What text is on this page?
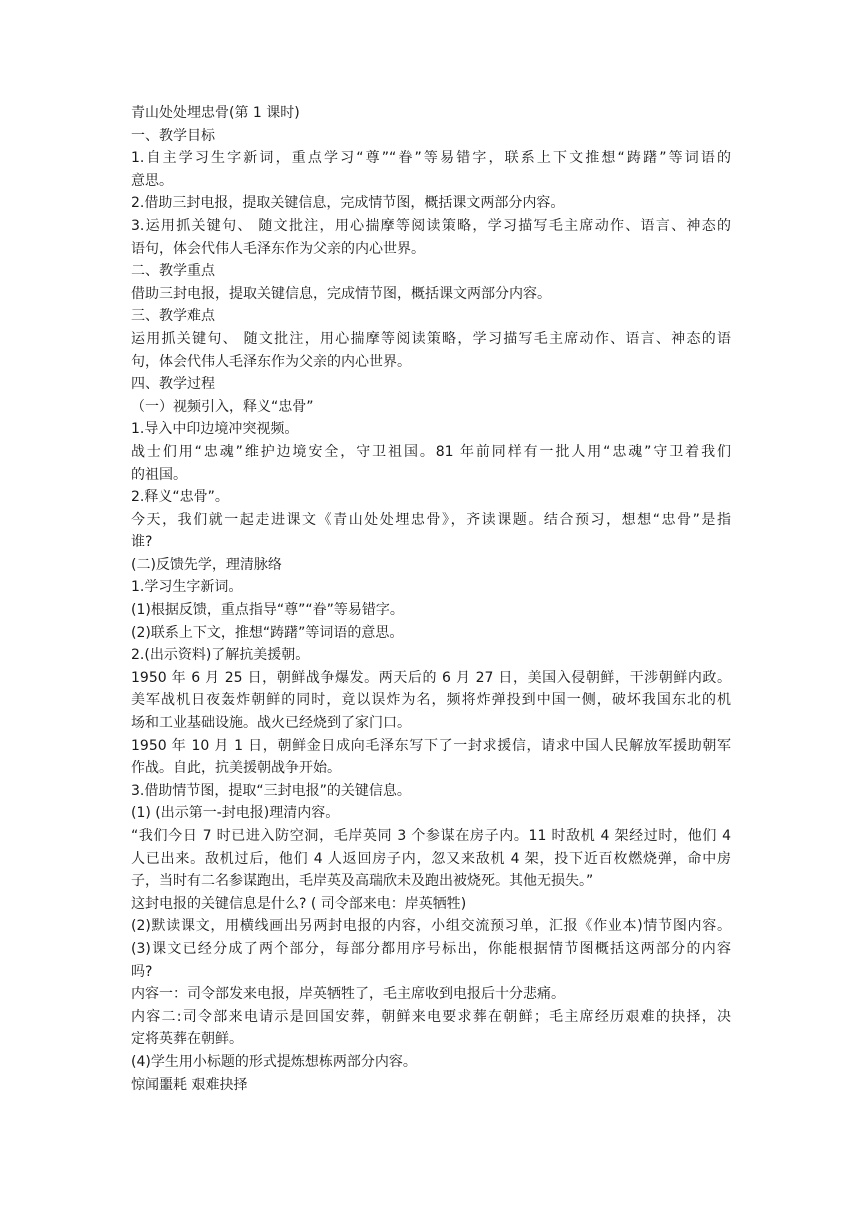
青山处处埋忠骨(第 1 课时)
一、教学目标
1.自主学习生字新词，重点学习“尊”“眷”等易错字，联系上下文推想“踌躇”等词语的
意思。
2.借助三封电报，提取关键信息，完成情节图，概括课文两部分内容。
3.运用抓关键句、 随文批注，用心揣摩等阅读策略，学习描写毛主席动作、语言、神态的
语句，体会代伟人毛泽东作为父亲的内心世界。
二、教学重点
借助三封电报，提取关键信息，完成情节图，概括课文两部分内容。
三、教学难点
运用抓关键句、 随文批注，用心揣摩等阅读策略，学习描写毛主席动作、语言、神态的语
句，体会代伟人毛泽东作为父亲的内心世界。
四、教学过程
（一）视频引入，释义“忠骨”
1.导入中印边境冲突视频。
战士们用“忠魂”维护边境安全，守卫祖国。81 年前同样有一批人用“忠魂”守卫着我们
的祖国。
2.释义“忠骨”。
今天，我们就一起走进课文《青山处处埋忠骨》，齐读课题。结合预习，想想“忠骨”是指
谁?
(二)反馈先学，理清脉络
1.学习生字新词。
(1)根据反馈，重点指导“尊”“眷”等易错字。
(2)联系上下文，推想“踌躇”等词语的意思。
2.(出示资料)了解抗美援朝。
1950 年 6 月 25 日，朝鲜战争爆发。两天后的 6 月 27 日，美国入侵朝鲜，干涉朝鲜内政。
美军战机日夜轰炸朝鲜的同时，竟以误炸为名，频将炸弹投到中国一侧，破坏我国东北的机
场和工业基础设施。战火已经烧到了家门口。
1950 年 10 月 1 日，朝鲜金日成向毛泽东写下了一封求援信，请求中国人民解放军援助朝军
作战。自此，抗美援朝战争开始。
3.借助情节图，提取“三封电报”的关键信息。
(1) (出示第一-封电报)理清内容。
“我们今日 7 时已进入防空洞，毛岸英同 3 个参谋在房子内。11 时敌机 4 架经过时，他们 4
人已出来。敌机过后，他们 4 人返回房子内，忽又来敌机 4 架，投下近百枚燃烧弹，命中房
子，当时有二名参谋跑出，毛岸英及高瑞欣未及跑出被烧死。其他无损失。”
这封电报的关键信息是什么? ( 司令部来电：岸英牺牲)
(2)默读课文，用横线画出另两封电报的内容，小组交流预习单，汇报《作业本)情节图内容。
(3)课文已经分成了两个部分，每部分都用序号标出，你能根据情节图概括这两部分的内容
吗?
内容一：司令部发来电报，岸英牺牲了，毛主席收到电报后十分悲痛。
内容二:司令部来电请示是回国安葬，朝鲜来电要求葬在朝鲜；毛主席经历艰难的抉择，决
定将英葬在朝鲜。
(4)学生用小标题的形式提炼想栋两部分内容。
惊闻噩耗 艰难抉择
